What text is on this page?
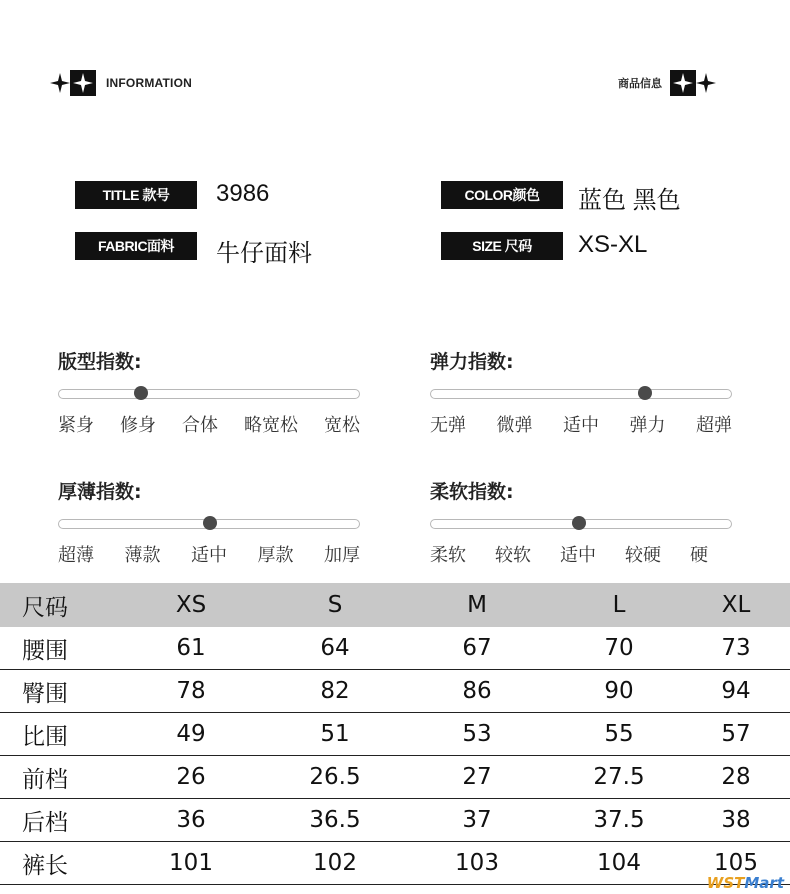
INFORMATION	商品信息
TITLE 款号	3986
FABRIC面料	牛仔面料
COLOR颜色	蓝色 黑色
SIZE 尺码	XS-XL
版型指数:
紧身 修身 合体 略宽松 宽松
弹力指数:
无弹 微弹 适中 弹力 超弹
厚薄指数:
超薄 薄款 适中 厚款 加厚
柔软指数:
柔软 较软 适中 较硬 硬
尺码	XS	S	M	L	XL
腰围	61	64	67	70	73
臀围	78	82	86	90	94
比围	49	51	53	55	57
前档	26	26.5	27	27.5	28
后档	36	36.5	37	37.5	38
裤长	101	102	103	104	105
WSTMart
